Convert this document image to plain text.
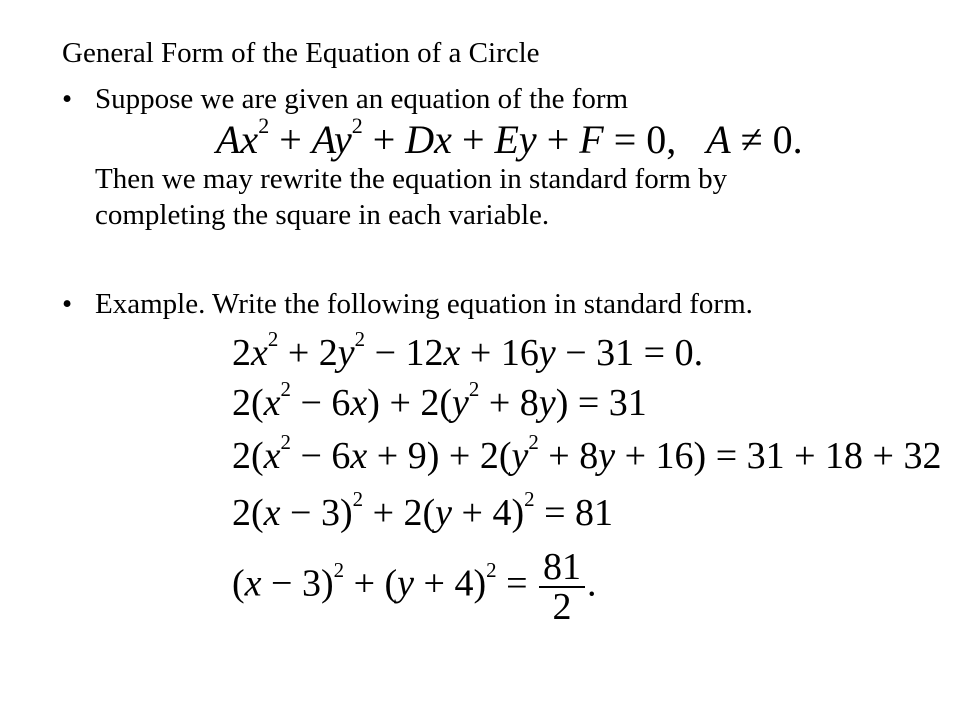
General Form of the Equation of a Circle
• Suppose we are given an equation of the form
$Ax^2 + Ay^2 + Dx + Ey + F = 0$,   A ≠ 0.
Then we may rewrite the equation in standard form by
completing the square in each variable.
• Example. Write the following equation in standard form.
$2x^2 + 2y^2 - 12x + 16y - 31 = 0$.
$2(x^2 - 6x) + 2(y^2 + 8y) = 31$
$2(x^2 - 6x + 9) + 2(y^2 + 8y + 16) = 31 + 18 + 32$
$2(x - 3)^2 + 2(y + 4)^2 = 81$
$(x - 3)^2 + (y + 4)^2 = \frac{81}{2}$ .
